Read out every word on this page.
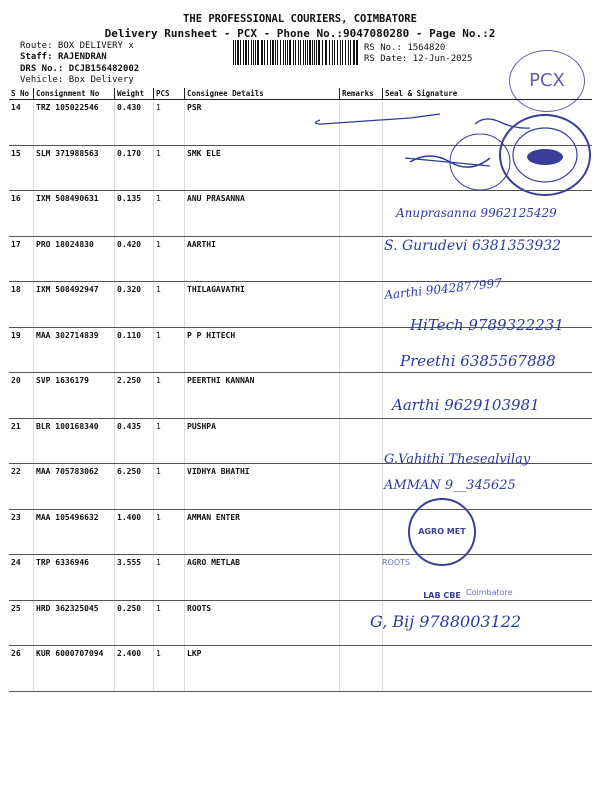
THE PROFESSIONAL COURIERS, COIMBATORE
Delivery Runsheet - PCX - Phone No.:9047080280 - Page No.:2
Route: BOX DELIVERY x
Staff: RAJENDRAN
DRS No.: DCJB156482002
Vehicle: Box Delivery
RS No.: 1564820
RS Date: 12-Jun-2025
PCX
S No	Consignment No	Weight	PCS	Consignee Details	Remarks	Seal & Signature
14	TRZ 105022546	0.430	1	PSR		
15	SLM 371988563	0.170	1	SMK ELE		
16	IXM 508490631	0.135	1	ANU PRASANNA		
17	PRO 18024830	0.420	1	AARTHI		
18	IXM 508492947	0.320	1	THILAGAVATHI		
19	MAA 302714839	0.110	1	P P HITECH		
20	SVP 1636179	2.250	1	PEERTHI KANNAN		
21	BLR 100168340	0.435	1	PUSHPA		
22	MAA 705783062	6.250	1	VIDHYA BHATHI		
23	MAA 105496632	1.400	1	AMMAN ENTER		
24	TRP 6336946	3.555	1	AGRO METLAB		
25	HRD 362325045	0.250	1	ROOTS		
26	KUR 6000707094	2.400	1	LKP		
Anuprasanna 9962125429
S. Gurudevi 6381353932
Aarthi 9042877997
HiTech 9789322231
Preethi 6385567888
Aarthi 9629103981
G.Vahithi Thesealvilay
AMMAN 9__345625
G, Bij 9788003122
AGRO MET LAB CBE
ROOTS
Coimbatore
